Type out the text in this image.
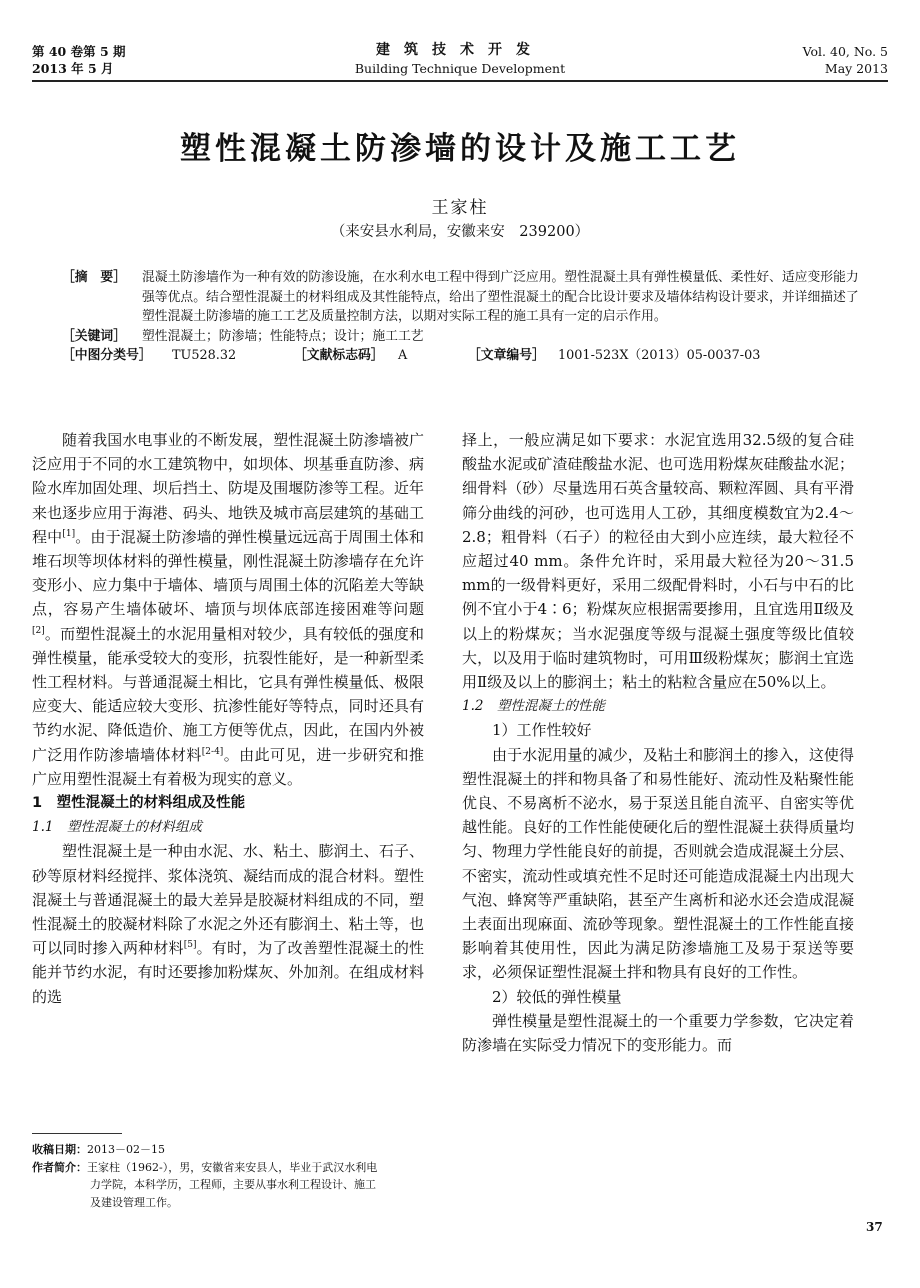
第 40 卷第 5 期
2013 年 5 月
建筑技术开发
Building Technique Development
Vol. 40, No. 5
May 2013
塑性混凝土防渗墙的设计及施工工艺
王家柱
（来安县水利局，安徽来安　239200）
［摘　要］ 混凝土防渗墙作为一种有效的防渗设施，在水利水电工程中得到广泛应用。塑性混凝土具有弹性模量低、柔性好、适应变形能力强等优点。结合塑性混凝土的材料组成及其性能特点，给出了塑性混凝土的配合比设计要求及墙体结构设计要求，并详细描述了塑性混凝土防渗墙的施工工艺及质量控制方法，以期对实际工程的施工具有一定的启示作用。
［关键词］ 塑性混凝土；防渗墙；性能特点；设计；施工工艺
［中图分类号］ TU528.32	［文献标志码］ A	［文章编号］ 1001-523X（2013）05-0037-03

随着我国水电事业的不断发展，塑性混凝土防渗墙被广泛应用于不同的水工建筑物中，如坝体、坝基垂直防渗、病险水库加固处理、坝后挡土、防堤及围堰防渗等工程。近年来也逐步应用于海港、码头、地铁及城市高层建筑的基础工程中[1]。由于混凝土防渗墙的弹性模量远远高于周围土体和堆石坝等坝体材料的弹性模量，刚性混凝土防渗墙存在允许变形小、应力集中于墙体、墙顶与周围土体的沉陷差大等缺点，容易产生墙体破坏、墙顶与坝体底部连接困难等问题[2]。而塑性混凝土的水泥用量相对较少，具有较低的强度和弹性模量，能承受较大的变形，抗裂性能好，是一种新型柔性工程材料。与普通混凝土相比，它具有弹性模量低、极限应变大、能适应较大变形、抗渗性能好等特点，同时还具有节约水泥、降低造价、施工方便等优点，因此，在国内外被广泛用作防渗墙墙体材料[2-4]。由此可见，进一步研究和推广应用塑性混凝土有着极为现实的意义。

1　塑性混凝土的材料组成及性能

1.1　塑性混凝土的材料组成

塑性混凝土是一种由水泥、水、粘土、膨润土、石子、砂等原材料经搅拌、浆体浇筑、凝结而成的混合材料。塑性混凝土与普通混凝土的最大差异是胶凝材料组成的不同，塑性混凝土的胶凝材料除了水泥之外还有膨润土、粘土等，也可以同时掺入两种材料[5]。有时，为了改善塑性混凝土的性能并节约水泥，有时还要掺加粉煤灰、外加剂。在组成材料的选

择上，一般应满足如下要求：水泥宜选用32.5级的复合硅酸盐水泥或矿渣硅酸盐水泥、也可选用粉煤灰硅酸盐水泥；细骨料（砂）尽量选用石英含量较高、颗粒浑圆、具有平滑筛分曲线的河砂，也可选用人工砂，其细度模数宜为2.4～2.8；粗骨料（石子）的粒径由大到小应连续，最大粒径不应超过40 mm。条件允许时，采用最大粒径为20～31.5 mm的一级骨料更好，采用二级配骨料时，小石与中石的比例不宜小于4∶6；粉煤灰应根据需要掺用，且宜选用Ⅱ级及以上的粉煤灰；当水泥强度等级与混凝土强度等级比值较大，以及用于临时建筑物时，可用Ⅲ级粉煤灰；膨润土宜选用Ⅱ级及以上的膨润土；粘土的粘粒含量应在50%以上。

1.2　塑性混凝土的性能

1）工作性较好

由于水泥用量的减少，及粘土和膨润土的掺入，这使得塑性混凝土的拌和物具备了和易性能好、流动性及粘聚性能优良、不易离析不泌水，易于泵送且能自流平、自密实等优越性能。良好的工作性能使硬化后的塑性混凝土获得质量均匀、物理力学性能良好的前提，否则就会造成混凝土分层、不密实，流动性或填充性不足时还可能造成混凝土内出现大气泡、蜂窝等严重缺陷，甚至产生离析和泌水还会造成混凝土表面出现麻面、流砂等现象。塑性混凝土的工作性能直接影响着其使用性，因此为满足防渗墙施工及易于泵送等要求，必须保证塑性混凝土拌和物具有良好的工作性。

2）较低的弹性模量

弹性模量是塑性混凝土的一个重要力学参数，它决定着防渗墙在实际受力情况下的变形能力。而

收稿日期：2013－02－15
作者简介：王家柱（1962-），男，安徽省来安县人，毕业于武汉水利电
力学院，本科学历，工程师，主要从事水利工程设计、施工
及建设管理工作。
37
